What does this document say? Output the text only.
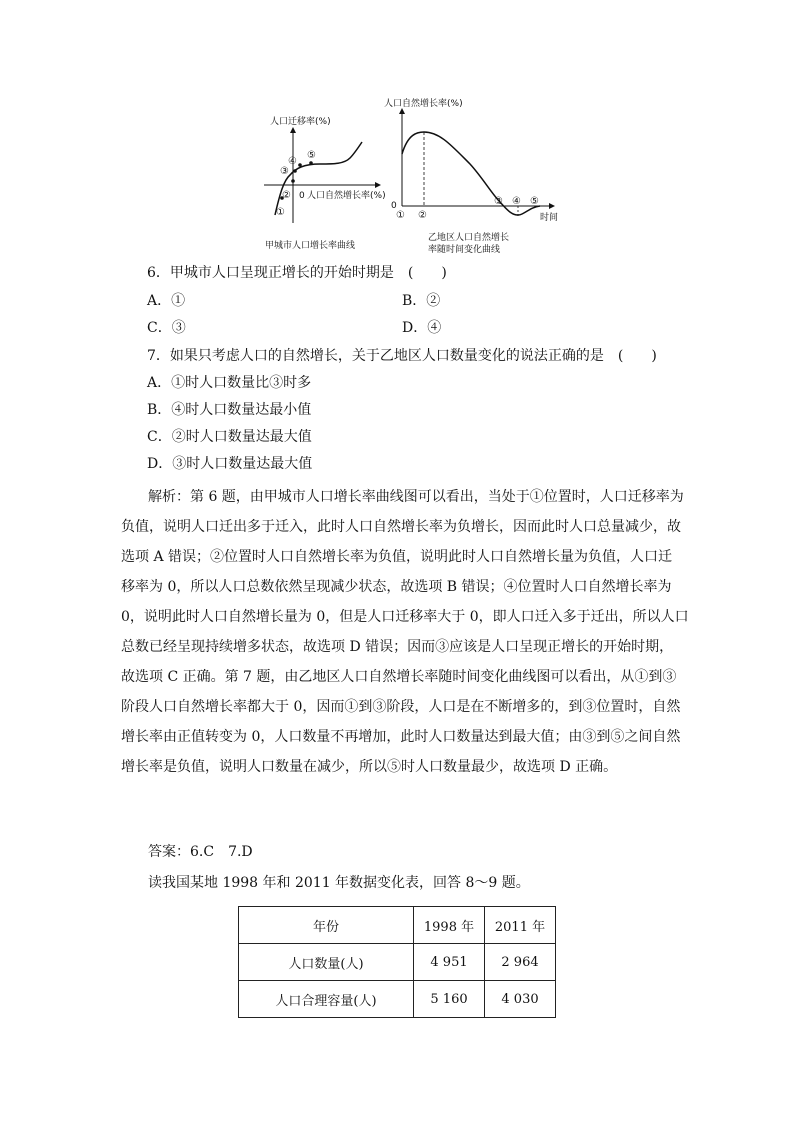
人口迁移率(%)
0 人口自然增长率(%)
①
②
③
④
⑤
甲城市人口增长率曲线
人口自然增长率(%)
0
时间
① ②
③ ④ ⑤
乙地区人口自然增长
率随时间变化曲线
6．甲城市人口呈现正增长的开始时期是　(　　)
A．①	B．②
C．③	D．④
7．如果只考虑人口的自然增长，关于乙地区人口数量变化的说法正确的是　(　　)
A．①时人口数量比③时多
B．④时人口数量达最小值
C．②时人口数量达最大值
D．③时人口数量达最大值
解析：第 6 题，由甲城市人口增长率曲线图可以看出，当处于①位置时，人口迁移率为
负值，说明人口迁出多于迁入，此时人口自然增长率为负增长，因而此时人口总量减少，故
选项 A 错误；②位置时人口自然增长率为负值，说明此时人口自然增长量为负值，人口迁
移率为 0，所以人口总数依然呈现减少状态，故选项 B 错误；④位置时人口自然增长率为
0，说明此时人口自然增长量为 0，但是人口迁移率大于 0，即人口迁入多于迁出，所以人口
总数已经呈现持续增多状态，故选项 D 错误；因而③应该是人口呈现正增长的开始时期，
故选项 C 正确。第 7 题，由乙地区人口自然增长率随时间变化曲线图可以看出，从①到③
阶段人口自然增长率都大于 0，因而①到③阶段，人口是在不断增多的，到③位置时，自然
增长率由正值转变为 0，人口数量不再增加，此时人口数量达到最大值；由③到⑤之间自然
增长率是负值，说明人口数量在减少，所以⑤时人口数量最少，故选项 D 正确。
答案：6.C　7.D
读我国某地 1998 年和 2011 年数据变化表，回答 8～9 题。
年份	1998 年	2011 年
人口数量(人)	4 951	2 964
人口合理容量(人)	5 160	4 030
